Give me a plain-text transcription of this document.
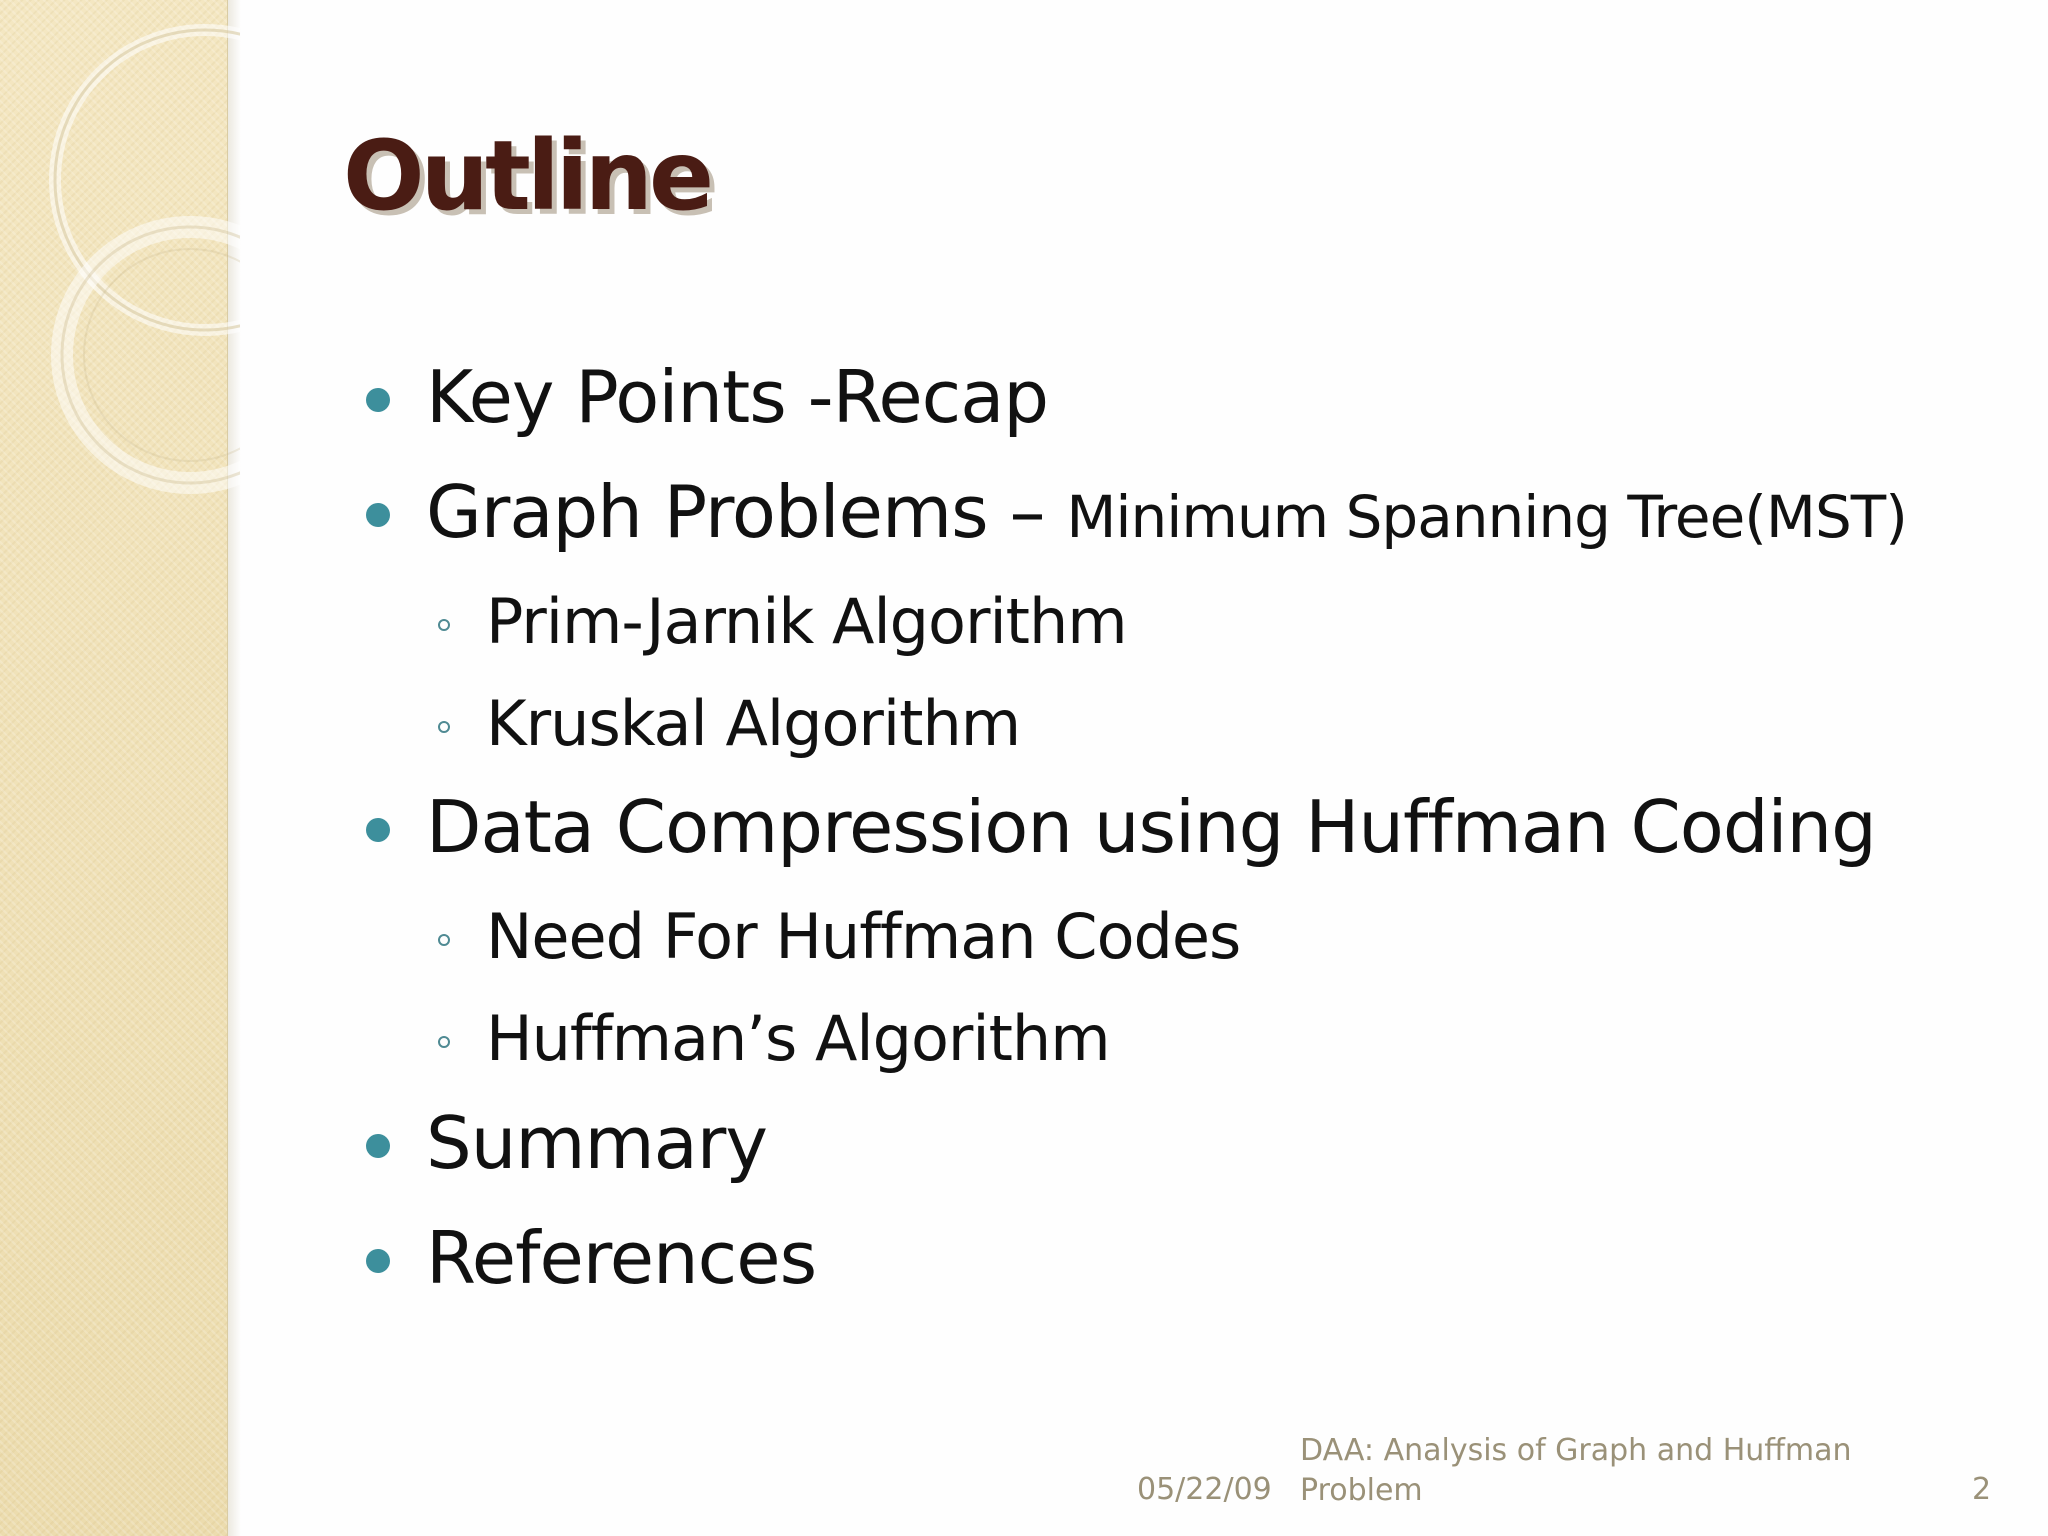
Outline
Key Points -Recap
Graph Problems – Minimum Spanning Tree(MST)
Prim-Jarnik Algorithm
Kruskal Algorithm
Data Compression using Huffman Coding
Need For Huffman Codes
Huffman’s Algorithm
Summary
References
05/22/09
DAA: Analysis of Graph and Huffman
Problem	2
